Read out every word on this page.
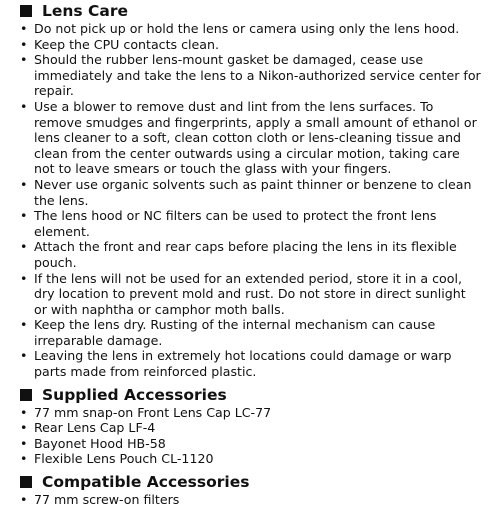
Lens Care
• Do not pick up or hold the lens or camera using only the lens hood.
• Keep the CPU contacts clean.
• Should the rubber lens-mount gasket be damaged, cease use immediately and take the lens to a Nikon-authorized service center for repair.
• Use a blower to remove dust and lint from the lens surfaces. To remove smudges and fingerprints, apply a small amount of ethanol or lens cleaner to a soft, clean cotton cloth or lens-cleaning tissue and clean from the center outwards using a circular motion, taking care not to leave smears or touch the glass with your fingers.
• Never use organic solvents such as paint thinner or benzene to clean the lens.
• The lens hood or NC filters can be used to protect the front lens element.
• Attach the front and rear caps before placing the lens in its flexible pouch.
• If the lens will not be used for an extended period, store it in a cool, dry location to prevent mold and rust. Do not store in direct sunlight or with naphtha or camphor moth balls.
• Keep the lens dry. Rusting of the internal mechanism can cause irreparable damage.
• Leaving the lens in extremely hot locations could damage or warp parts made from reinforced plastic.
Supplied Accessories
• 77 mm snap-on Front Lens Cap LC-77
• Rear Lens Cap LF-4
• Bayonet Hood HB-58
• Flexible Lens Pouch CL-1120
Compatible Accessories
• 77 mm screw-on filters
